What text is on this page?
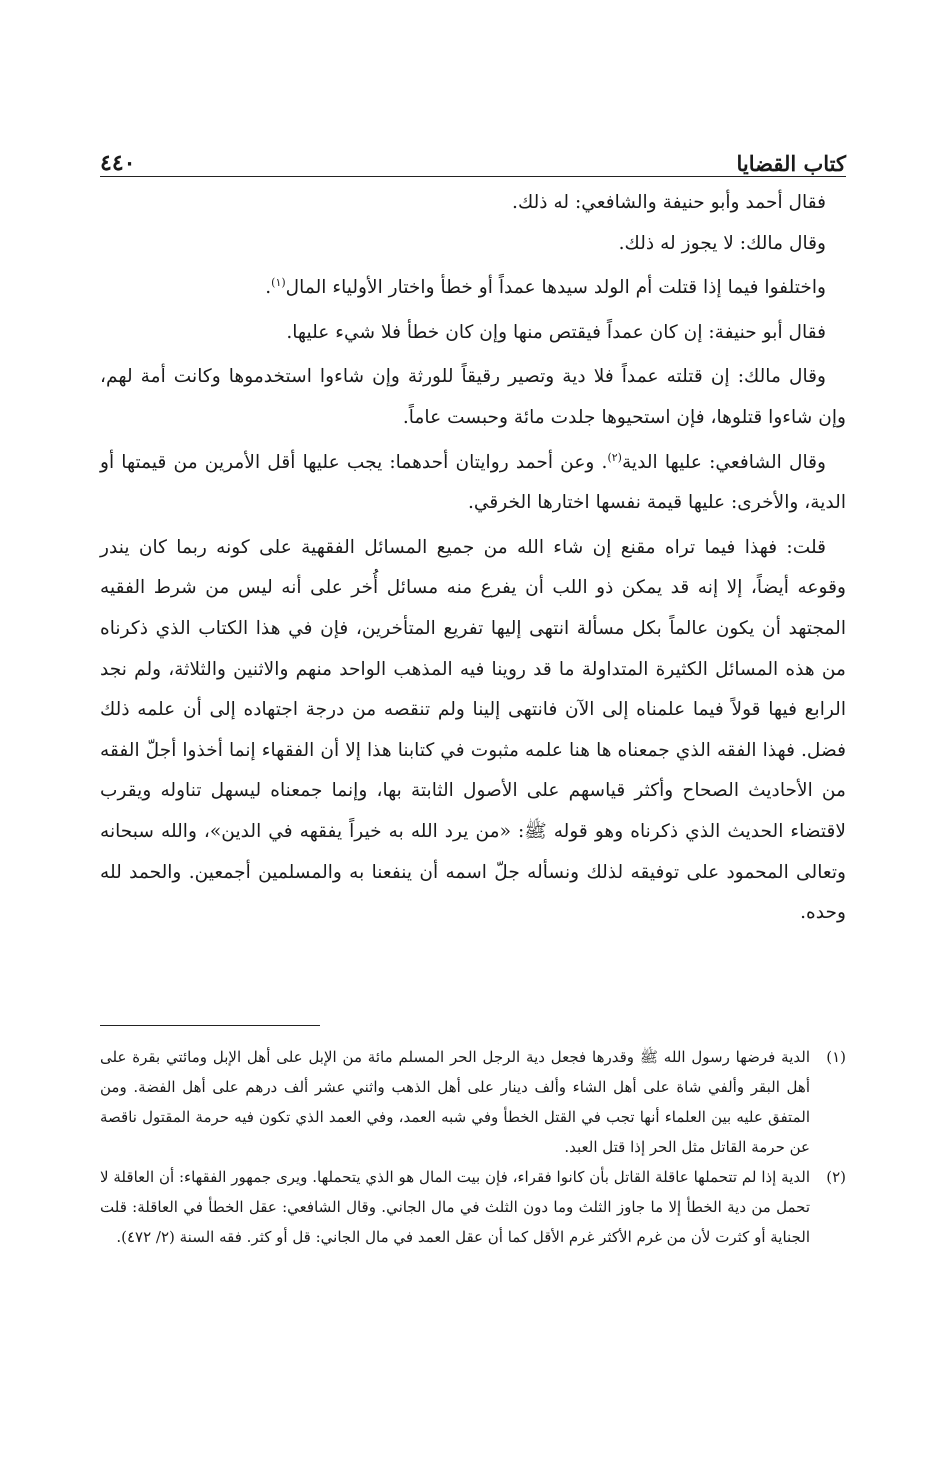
كتاب القضايا
٤٤٠

فقال أحمد وأبو حنيفة والشافعي: له ذلك.

وقال مالك: لا يجوز له ذلك.

واختلفوا فيما إذا قتلت أم الولد سيدها عمداً أو خطأ واختار الأولياء المال$^{(١)}$.

فقال أبو حنيفة: إن كان عمداً فيقتص منها وإن كان خطأ فلا شيء عليها.

وقال مالك: إن قتلته عمداً فلا دية وتصير رقيقاً للورثة وإن شاءوا استخدموها وكانت أمة لهم، وإن شاءوا قتلوها، فإن استحيوها جلدت مائة وحبست عاماً.

وقال الشافعي: عليها الدية$^{(٢)}$. وعن أحمد روايتان أحدهما: يجب عليها أقل الأمرين من قيمتها أو الدية، والأخرى: عليها قيمة نفسها اختارها الخرقي.

قلت: فهذا فيما تراه مقنع إن شاء الله من جميع المسائل الفقهية على كونه ربما كان يندر وقوعه أيضاً، إلا إنه قد يمكن ذو اللب أن يفرع منه مسائل أُخر على أنه ليس من شرط الفقيه المجتهد أن يكون عالماً بكل مسألة انتهى إليها تفريع المتأخرين، فإن في هذا الكتاب الذي ذكرناه من هذه المسائل الكثيرة المتداولة ما قد روينا فيه المذهب الواحد منهم والاثنين والثلاثة، ولم نجد الرابع فيها قولاً فيما علمناه إلى الآن فانتهى إلينا ولم تنقصه من درجة اجتهاده إلى أن علمه ذلك فضل. فهذا الفقه الذي جمعناه ها هنا علمه مثبوت في كتابنا هذا إلا أن الفقهاء إنما أخذوا أجلّ الفقه من الأحاديث الصحاح وأكثر قياسهم على الأصول الثابتة بها، وإنما جمعناه ليسهل تناوله ويقرب لاقتضاء الحديث الذي ذكرناه وهو قوله ﷺ: «من يرد الله به خيراً يفقهه في الدين»، والله سبحانه وتعالى المحمود على توفيقه لذلك ونسأله جلّ اسمه أن ينفعنا به والمسلمين أجمعين. والحمد لله وحده.

(١)
الدية فرضها رسول الله ﷺ وقدرها فجعل دية الرجل الحر المسلم مائة من الإبل على أهل الإبل ومائتي بقرة على أهل البقر وألفي شاة على أهل الشاء وألف دينار على أهل الذهب واثني عشر ألف درهم على أهل الفضة. ومن المتفق عليه بين العلماء أنها تجب في القتل الخطأ وفي شبه العمد، وفي العمد الذي تكون فيه حرمة المقتول ناقصة عن حرمة القاتل مثل الحر إذا قتل العبد.
(٢)
الدية إذا لم تتحملها عاقلة القاتل بأن كانوا فقراء، فإن بيت المال هو الذي يتحملها. ويرى جمهور الفقهاء: أن العاقلة لا تحمل من دية الخطأ إلا ما جاوز الثلث وما دون الثلث في مال الجاني. وقال الشافعي: عقل الخطأ في العاقلة: قلت الجناية أو كثرت لأن من غرم الأكثر غرم الأقل كما أن عقل العمد في مال الجاني: قل أو كثر. فقه السنة (٢/ ٤٧٢).
